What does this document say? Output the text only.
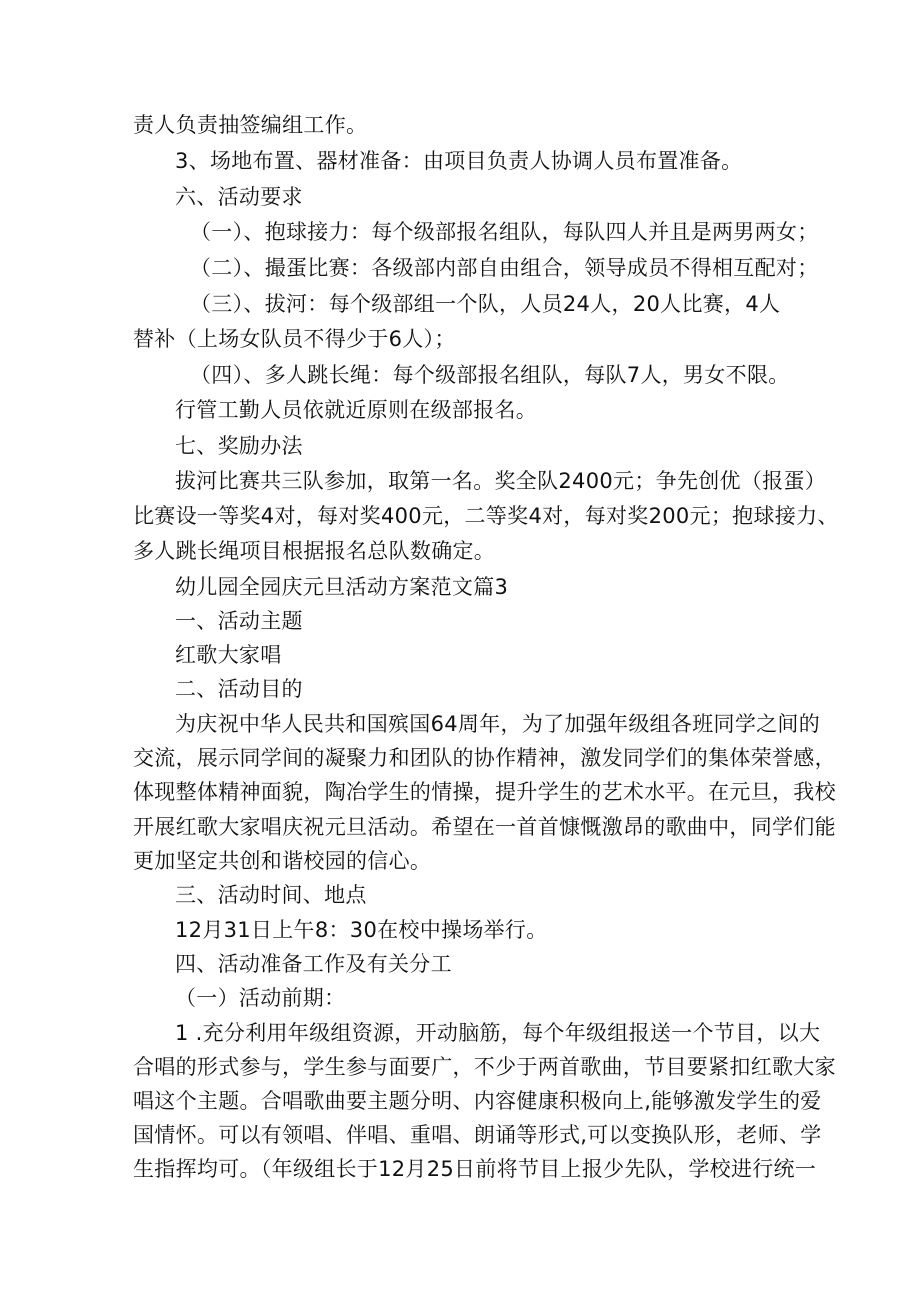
责人负责抽签编组工作。
3、场地布置、器材准备：由项目负责人协调人员布置准备。
六、活动要求
（一）、抱球接力：每个级部报名组队，每队四人并且是两男两女；
（二）、撮蛋比赛：各级部内部自由组合，领导成员不得相互配对；
（三）、拔河：每个级部组一个队，人员24人，20人比赛，4人
替补（上场女队员不得少于6人）；
（四）、多人跳长绳：每个级部报名组队，每队7人，男女不限。
行管工勤人员依就近原则在级部报名。
七、奖励办法
拔河比赛共三队参加，取第一名。奖全队2400元；争先创优（报蛋）
比赛设一等奖4对，每对奖400元，二等奖4对，每对奖200元；抱球接力、
多人跳长绳项目根据报名总队数确定。
幼儿园全园庆元旦活动方案范文篇3
一、活动主题
红歌大家唱
二、活动目的
为庆祝中华人民共和国殡国64周年，为了加强年级组各班同学之间的
交流，展示同学间的凝聚力和团队的协作精神，激发同学们的集体荣誉感，
体现整体精神面貌，陶冶学生的情操，提升学生的艺术水平。在元旦，我校
开展红歌大家唱庆祝元旦活动。希望在一首首慷慨激昂的歌曲中，同学们能
更加坚定共创和谐校园的信心。
三、活动时间、地点
12月31日上午8：30在校中操场举行。
四、活动准备工作及有关分工
（一）活动前期：
1 .充分利用年级组资源，开动脑筋，每个年级组报送一个节目，以大
合唱的形式参与，学生参与面要广，不少于两首歌曲，节目要紧扣红歌大家
唱这个主题。合唱歌曲要主题分明、内容健康积极向上,能够激发学生的爱
国情怀。可以有领唱、伴唱、重唱、朗诵等形式,可以变换队形，老师、学
生指挥均可。（年级组长于12月25日前将节目上报少先队，学校进行统一
